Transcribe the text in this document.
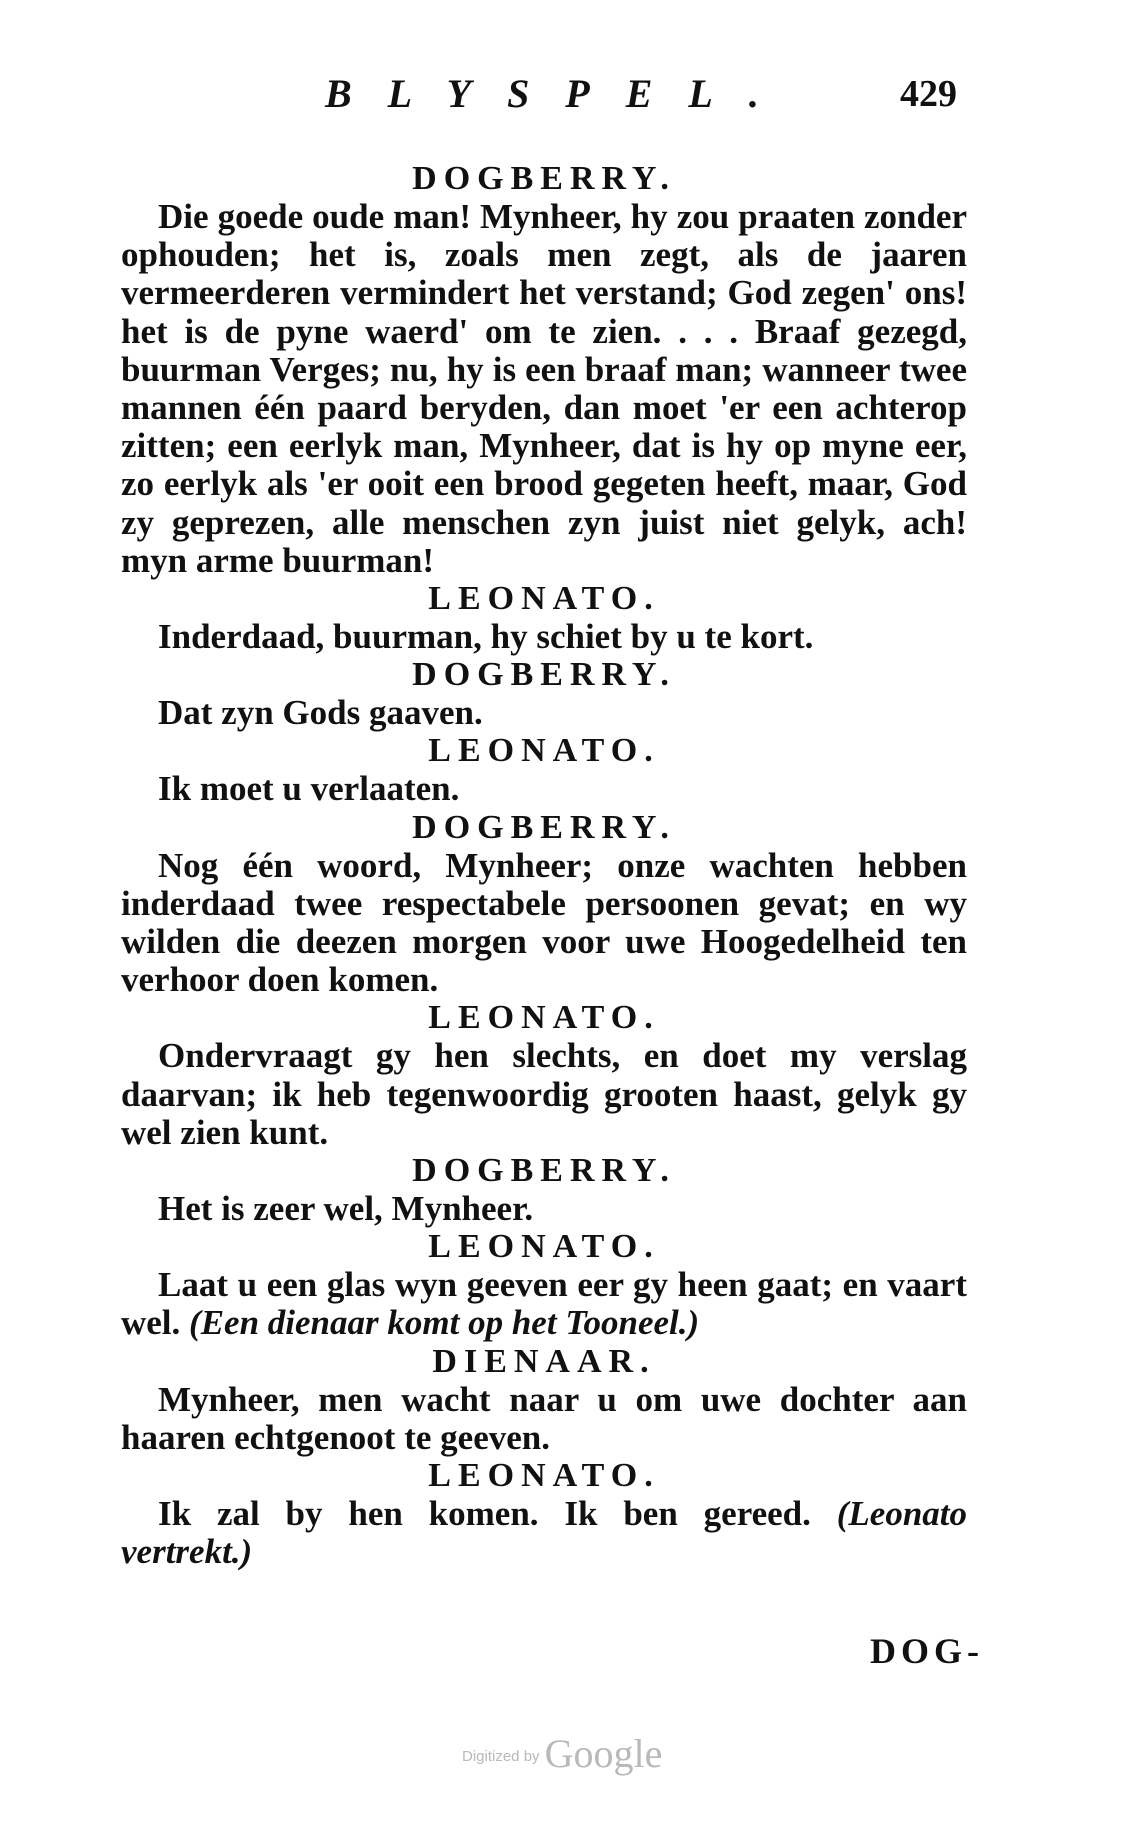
BLYSPEL.	429
DOGBERRY.
Die goede oude man! Mynheer, hy zou praaten zonder ophouden; het is, zoals men zegt, als de jaaren vermeerderen vermindert het verstand; God zegen' ons! het is de pyne waerd' om te zien. . . . Braaf gezegd, buurman Verges; nu, hy is een braaf man; wanneer twee mannen één paard beryden, dan moet 'er een achterop zitten; een eerlyk man, Mynheer, dat is hy op myne eer, zo eerlyk als 'er ooit een brood gegeten heeft, maar, God zy geprezen, alle menschen zyn juist niet gelyk, ach! myn arme buurman!
LEONATO.
Inderdaad, buurman, hy schiet by u te kort.
DOGBERRY.
Dat zyn Gods gaaven.
LEONATO.
Ik moet u verlaaten.
DOGBERRY.
Nog één woord, Mynheer; onze wachten hebben inderdaad twee respectabele persoonen gevat; en wy wilden die deezen morgen voor uwe Hoogedelheid ten verhoor doen komen.
LEONATO.
Ondervraagt gy hen slechts, en doet my verslag daarvan; ik heb tegenwoordig grooten haast, gelyk gy wel zien kunt.
DOGBERRY.
Het is zeer wel, Mynheer.
LEONATO.
Laat u een glas wyn geeven eer gy heen gaat; en vaart wel. (Een dienaar komt op het Tooneel.)
DIENAAR.
Mynheer, men wacht naar u om uwe dochter aan haaren echtgenoot te geeven.
LEONATO.
Ik zal by hen komen. Ik ben gereed. (Leonato vertrekt.)
DOG-
Digitized by Google
